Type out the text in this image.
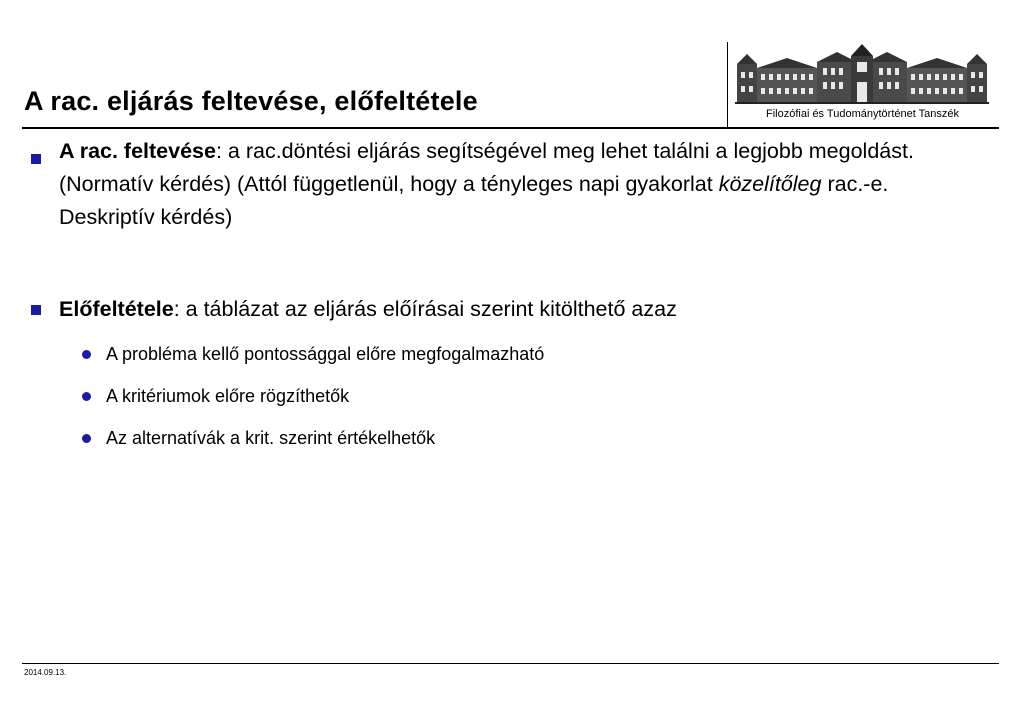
A rac. eljárás feltevése, előfeltétele	Filozófiai és Tudománytörténet Tanszék
A rac. feltevése: a rac.döntési eljárás segítségével meg lehet találni a legjobb megoldást. (Normatív kérdés) (Attól függetlenül, hogy a tényleges napi gyakorlat közelítőleg rac.-e. Deskriptív kérdés)
Előfeltétele: a táblázat az eljárás előírásai szerint kitölthető azaz
A probléma kellő pontossággal előre megfogalmazható
A kritériumok előre rögzíthetők
Az alternatívák a krit. szerint értékelhetők
2014.09.13.
